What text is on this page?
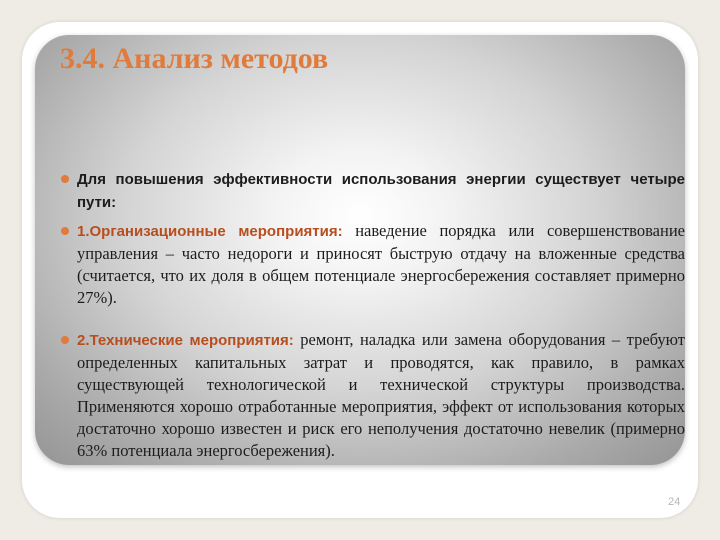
Для повышения эффективности использования энергии существует четыре пути:
1.Организационные мероприятия: наведение порядка или совершенствование управления – часто недороги и приносят быструю отдачу на вложенные средства (считается, что их доля в общем потенциале энергосбережения составляет примерно 27%).
2.Технические мероприятия: ремонт, наладка или замена оборудования – требуют определенных капитальных затрат и проводятся, как правило, в рамках существующей технологической и технической структуры производства. Применяются хорошо отработанные мероприятия, эффект от использования которых достаточно хорошо известен и риск его неполучения достаточно невелик (примерно 63% потенциала энергосбережения).
3.4. Анализ методов
24
